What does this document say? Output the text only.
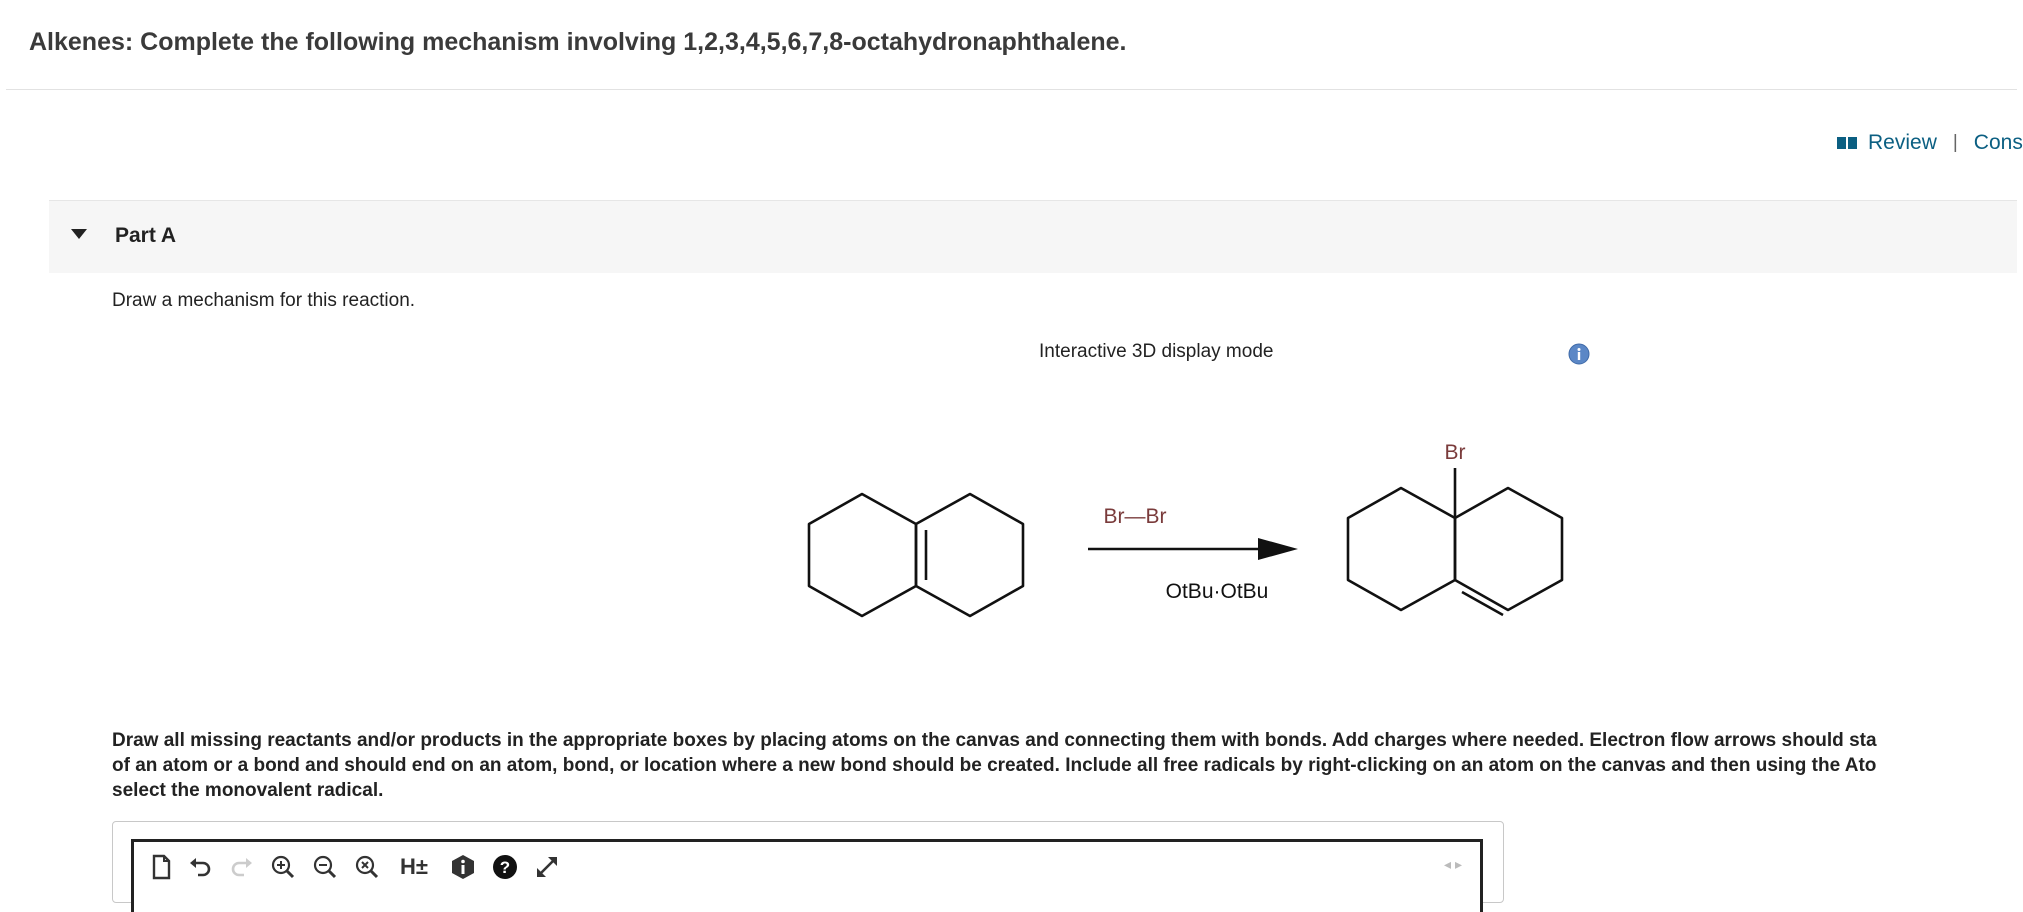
Alkenes: Complete the following mechanism involving 1,2,3,4,5,6,7,8-octahydronaphthalene.
Review | Cons
Part A
Draw a mechanism for this reaction.
Interactive 3D display mode
Br—Br
OtBu·OtBu
Br
Draw all missing reactants and/or products in the appropriate boxes by placing atoms on the canvas and connecting them with bonds. Add charges where needed. Electron flow arrows should sta
of an atom or a bond and should end on an atom, bond, or location where a new bond should be created. Include all free radicals by right-clicking on an atom on the canvas and then using the Ato
select the monovalent radical.
H±	?	◂▸
